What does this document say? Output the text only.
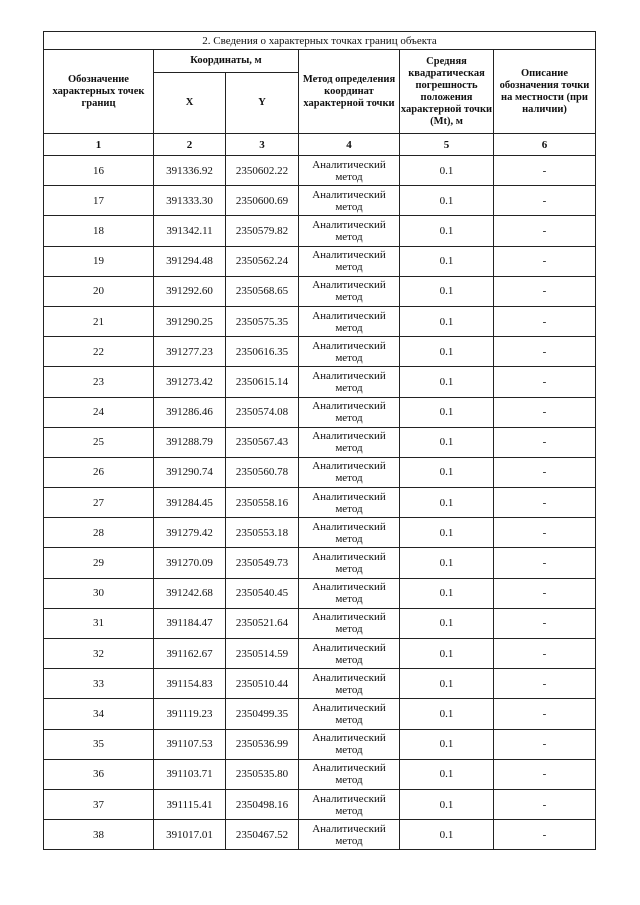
2. Сведения о характерных точках границ объекта					
Обозначение характерных точек границ	Координаты, м		Метод определения координат характерной точки	Средняя квадратическая погрешность положения характерной точки (Mt), м	Описание обозначения точки на местности (при наличии)
	X	Y			
1	2	3	4	5	6
16	391336.92	2350602.22	Аналитический метод	0.1	-
17	391333.30	2350600.69	Аналитический метод	0.1	-
18	391342.11	2350579.82	Аналитический метод	0.1	-
19	391294.48	2350562.24	Аналитический метод	0.1	-
20	391292.60	2350568.65	Аналитический метод	0.1	-
21	391290.25	2350575.35	Аналитический метод	0.1	-
22	391277.23	2350616.35	Аналитический метод	0.1	-
23	391273.42	2350615.14	Аналитический метод	0.1	-
24	391286.46	2350574.08	Аналитический метод	0.1	-
25	391288.79	2350567.43	Аналитический метод	0.1	-
26	391290.74	2350560.78	Аналитический метод	0.1	-
27	391284.45	2350558.16	Аналитический метод	0.1	-
28	391279.42	2350553.18	Аналитический метод	0.1	-
29	391270.09	2350549.73	Аналитический метод	0.1	-
30	391242.68	2350540.45	Аналитический метод	0.1	-
31	391184.47	2350521.64	Аналитический метод	0.1	-
32	391162.67	2350514.59	Аналитический метод	0.1	-
33	391154.83	2350510.44	Аналитический метод	0.1	-
34	391119.23	2350499.35	Аналитический метод	0.1	-
35	391107.53	2350536.99	Аналитический метод	0.1	-
36	391103.71	2350535.80	Аналитический метод	0.1	-
37	391115.41	2350498.16	Аналитический метод	0.1	-
38	391017.01	2350467.52	Аналитический метод	0.1	-
